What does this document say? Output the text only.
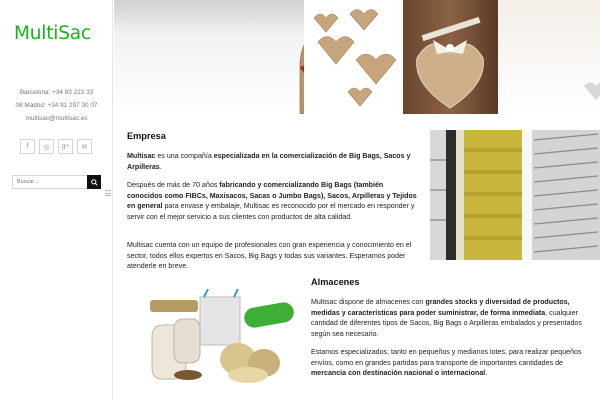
MultiSac
Barcelona: +34 93 223 33
08 Madrid: +34 91 297 00 07
multisac@multisac.es
f	◎	g+	✉
Buscar...
Empresa
Multisac es una compañía especializada en la comercialización de Big Bags, Sacos y Arpilleras.
Después de más de 70 años fabricando y comercializando Big Bags (también conocidos como FIBCs, Maxisacos, Sacas o Jumbo Bags), Sacos, Arpilleras y Tejidos en general para envase y embalaje, Multisac es reconocido por el mercado en responder y servir con el mejor servicio a sus clientes con productos de alta calidad.
Multisac cuenta con un equipo de profesionales con gran experiencia y conocimiento en el sector, todos ellos expertos en Sacos, Big Bags y todas sus variantes. Esperamos poder atenderle en breve.
Almacenes
Multisac dispone de almacenes con grandes stocks y diversidad de productos, medidas y características para poder suministrar, de forma inmediata, cualquier cantidad de diferentes tipos de Sacos, Big Bags o Arpilleras embalados y presentados según sea necesario.
Estamos especializados, tanto en pequeños y medianos lotes, para realizar pequeños envíos, como en grandes partidas para transporte de importantes cantidades de mercancía con destinación nacional o internacional.
